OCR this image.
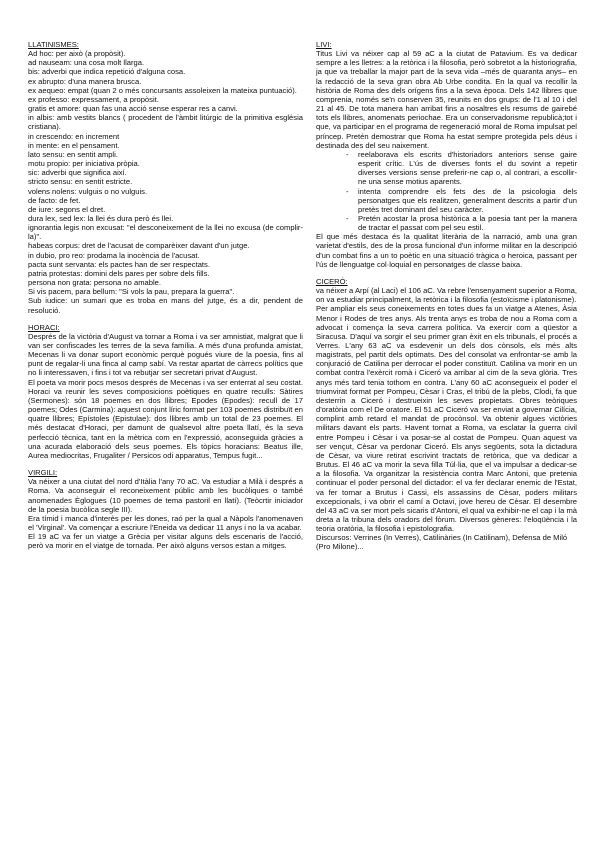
LLATINISMES:
Ad hoc: per això (a propòsit).
ad nauseam: una cosa molt llarga.
bis: adverbi que indica repetició d'alguna cosa.
ex abrupto: d'una manera brusca.
ex aequeo: empat (quan 2 o més concursants assoleixen la mateixa puntuació).
ex professo: expressament, a propòsit.
gratis et amore: quan fas una acció sense esperar res a canvi.
in albis: amb vestits blancs ( procedent de l'àmbit litúrgic de la primitiva església cristiana).
in crescendo: en increment
in mente: en el pensament.
lato sensu: en sentit ampli.
motu propio: per iniciativa pròpia.
sic: adverbi que significa així.
stricto sensu: en sentit estricte.
volens nolens: vulguis o no vulguis.
de facto: de fet.
de iure: segons el dret.
dura lex, sed lex: la llei és dura però és llei.
ignorantia legis non excusat: "el desconeixement de la llei no excusa (de complir-la)".
habeas corpus: dret de l'acusat de comparèixer davant d'un jutge.
in dubio, pro reo: prodama la inocència de l'acusat.
pacta sunt servanta: els pactes han de ser respectats.
patria protestas: domini dels pares per sobre dels fills.
persona non grata: persona no amable.
Si vis pacem, para bellum: "Si vols la pau, prepara la guerra".
Sub iudice: un sumari que es troba en mans del jutge, és a dir, pendent de resolució.
HORACI:

Després de la victòria d'August va tornar a Roma i va ser amnistiat, malgrat que li van ser confiscades les terres de la seva família. A més d'una profunda amistat, Mecenas li va donar suport econòmic perquè pogués viure de la poesia, fins al punt de regalar-li una finca al camp sabí. Va restar apartat de càrrecs polítics que no li interessaven, i fins i tot va rebutjar ser secretari privat d'August.

El poeta va morir pocs mesos després de Mecenas i va ser enterrat al seu costat. Horaci va reunir les seves composicions poètiques en quatre reculls: Sàtires (Sermones): són 18 poemes en dos llibres; Epodes (Epodes): recull de 17 poemes; Odes (Carmina): aquest conjunt líric format per 103 poemes distribuït en quatre llibres; Epístoles (Epistulae): dos llibres amb un total de 23 poemes. El més destacat d'Horaci, per damunt de qualsevol altre poeta llatí, és la seva perfecció tècnica, tant en la mètrica com en l'expressió, aconseguida gràcies a una acurada elaboració dels seus poemes. Els tòpics horacians: Beatus ille, Aurea mediocritas, Frugaliter / Persicos odi apparatus, Tempus fugit...

VIRGILI:

Va néixer a una ciutat del nord d'Itàlia l'any 70 aC. Va estudiar a Milà i després a Roma. Va aconseguir el reconeixement públic amb les bucòliques o també anomenades Èglogues (10 poemes de tema pastoril en llatí). (Teòcrtir iniciador de la poesia bucòlica segle III).

Era tímid i manca d'interès per les dones, raó per la qual a Nàpols l'anomenaven el 'Virginal'. Va començar a escriure l'Eneida va dedicar 11 anys i no la va acabar.

El 19 aC va fer un viatge a Grècia per visitar alguns dels escenaris de l'acció, però va morir en el viatge de tornada. Per això alguns versos estan a mitges.

LIVI:

Titus Livi va néixer cap al 59 aC a la ciutat de Patavium. Es va dedicar sempre a les lletres: a la retòrica i la filosofia, però sobretot a la historiografia, ja que va treballar la major part de la seva vida –més de quaranta anys– en la redacció de la seva gran obra Ab Urbe condita. En la qual va recollir la història de Roma des dels orígens fins a la seva època. Dels 142 llibres que comprenia, només se'n conserven 35, reunits en dos grups: de l'1 al 10 i del 21 al 45. De tota manera han arribat fins a nosaltres els resums de gairebé tots els llibres, anomenats periochae. Era un conservadorisme republicà;tot i que, va participar en el programa de regeneració moral de Roma impulsat pel príncep. Pretén demostrar que Roma ha estat sempre protegida pels déus i destinada des del seu naixement.

- reelaborava els escrits d'historiadors anteriors sense gaire esperit crític. L'ús de diverses fonts el du sovint a repetir diverses versions sense preferir-ne cap o, al contrari, a escollir-ne una sense motius aparents.
- intenta comprendre els fets des de la psicologia dels personatges que els realitzen, generalment descrits a partir d'un pretès tret dominant del seu caràcter.
- Pretén acostar la prosa històrica a la poesia tant per la manera de tractar el passat com pel seu estil.

El que més destaca és la qualitat literària de la narració, amb una gran varietat d'estils, des de la prosa funcional d'un informe militar en la descripció d'un combat fins a un to poètic en una situació tràgica o heroica, passant per l'ús de llenguatge col·loquial en personatges de classe baixa.

CICERÓ:

va néixer a Arpí (al Laci) el 106 aC. Va rebre l'ensenyament superior a Roma, on va estudiar principalment, la retòrica i la filosofia (estoïcisme i platonisme).

Per ampliar els seus coneixements en totes dues fa un viatge a Atenes, Àsia Menor i Rodes de tres anys. Als trenta anys es troba de nou a Roma com a advocat i comença la seva carrera política. Va exercir com a qüestor a Siracusa. D'aquí va sorgir el seu primer gran èxit en els tribunals, el procés a Verres. L'any 63 aC va esdevenir un dels dos cònsols, els més alts magistrats, pel partit dels optimats. Des del consolat va enfrontar-se amb la conjuració de Catilina per derrocar el poder constituït. Catilina va morir en un combat contra l'exèrcit romà i Ciceró va arribar al cim de la seva glòria. Tres anys més tard tenia tothom en contra. L'any 60 aC aconsegueix el poder el triumvirat format per Pompeu, Cèsar i Cras, el tribú de la plebs, Clodi, fa que desterrin a Ciceró i destrueixin les seves propietats. Obres teòriques d'oratòria com el De oratore. El 51 aC Ciceró va ser enviat a governar Cilícia, complint amb retard el mandat de procònsol. Va obtenir algues victòries militars davant els parts. Havent tornat a Roma, va esclatar la guerra civil entre Pompeu i Cèsar i va posar-se al costat de Pompeu. Quan aquest va ser vençut, Cèsar va perdonar Ciceró. Els anys següents, sota la dictadura de Cèsar, va viure retirat escrivint tractats de retòrica, que va dedicar a Brutus. El 46 aC va morir la seva filla Túl·lia, que el va impulsar a dedicar-se a la filosofia. Va organitzar la resistència contra Marc Antoni, que pretenia continuar el poder personal del dictador: el va fer declarar enemic de l'Estat, va fer tornar a Brutus i Cassi, els assassins de Cèsar, poders militars excepcionals, i va obrir el camí a Octavi, jove hereu de Cèsar. El desembre del 43 aC va ser mort pels sicaris d'Antoni, el qual va exhibir-ne el cap i la mà dreta a la tribuna dels oradors del fòrum. Diversos gèneres: l'eloqüència i la teoria oratòria, la filosofia i epistolografia.

Discursos: Verrines (In Verres), Catilinàries (In Catilinam), Defensa de Miló (Pro Milone)...
